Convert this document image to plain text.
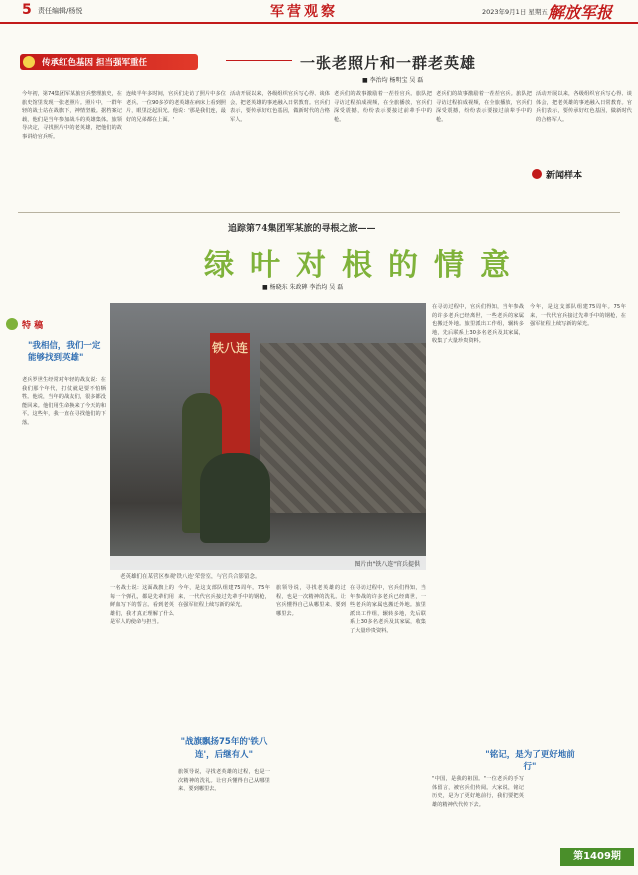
5 责任编辑/杨悦	军营观察	2023年9月1日 星期五 解放军报
传承红色基因 担当强军重任	一张老照片和一群老英雄
■ 李治均 杨明宝 吴 磊
今年初，第74集团军某旅官兵整理旅史，在旅史馆里发现一张老照片。照片中，一群年轻的战士站在战旗下，神情坚毅。据档案记载，他们是当年参加战斗的英雄集体。旅领导决定，寻找照片中的老英雄，把他们的故事讲给官兵听。
连续半年多时间，官兵们走访了照片中多位老兵。一位90多岁的老英雄在病床上看到照片，眼里泛起泪光。他说：'那是我们连，最好的兄弟都在上面。'
活动开展以来，各级组织官兵写心得、谈体会，把老英雄的事迹融入日常教育。官兵们表示，要传承好红色基因，做新时代的合格军人。
老兵们的故事激励着一茬茬官兵。旅队把寻访过程拍成视频，在全旅播放，官兵们深受震撼，纷纷表示要接过前辈手中的枪。
老兵们的故事激励着一茬茬官兵。旅队把寻访过程拍成视频，在全旅播放，官兵们深受震撼，纷纷表示要接过前辈手中的枪。
活动开展以来，各级组织官兵写心得、谈体会，把老英雄的事迹融入日常教育。官兵们表示，要传承好红色基因，做新时代的合格军人。
新闻样本
追踪第74集团军某旅的寻根之旅——
绿叶对根的情意
■ 杨晓东 朱政碑 李治均 吴 磊
特 稿
"我相信，我们一定能够找到英雄"
老兵罗世生经常对年轻的战友说：在我们那个年代，打仗就是要不怕牺牲。他说，当年的战友们，很多都没能回来。他们用生命换来了今天的和平。这些年，我一直在寻找他们的下落。
铁八连
图片由"铁八连"官兵提供
老英雄们在某营区参观'铁八连'荣誉室，与官兵合影留念。
在寻访过程中，官兵们得知，当年参战的许多老兵已经离世，一些老兵的家属也搬迁外地。旅里派出工作组，辗转多地，先后联系上30多名老兵及其家属，收集了大量珍贵资料。
今年，是这支部队组建75周年。75年来，一代代官兵接过先辈手中的钢枪，在强军征程上续写新的荣光。
一名战士说：这面战旗上的每一个弹孔，都是先辈们用鲜血写下的誓言。看到老英雄们，我才真正理解了什么是军人的使命与担当。
"战旗飘扬75年的'铁八连'，后继有人"
今年，是这支部队组建75周年。75年来，一代代官兵接过先辈手中的钢枪，在强军征程上续写新的荣光。
旅领导说，寻找老英雄的过程，也是一次精神的洗礼。让官兵懂得自己从哪里来、要到哪里去。
旅领导说，寻找老英雄的过程，也是一次精神的洗礼。让官兵懂得自己从哪里来、要到哪里去。
在寻访过程中，官兵们得知，当年参战的许多老兵已经离世，一些老兵的家属也搬迁外地。旅里派出工作组，辗转多地，先后联系上30多名老兵及其家属，收集了大量珍贵资料。
"铭记，是为了更好地前行"
"中国，是我的祖国。"一位老兵的手写体留言，被官兵们传阅。大家说，铭记历史，是为了更好地前行，我们要把英雄的精神代代传下去。
第1409期
